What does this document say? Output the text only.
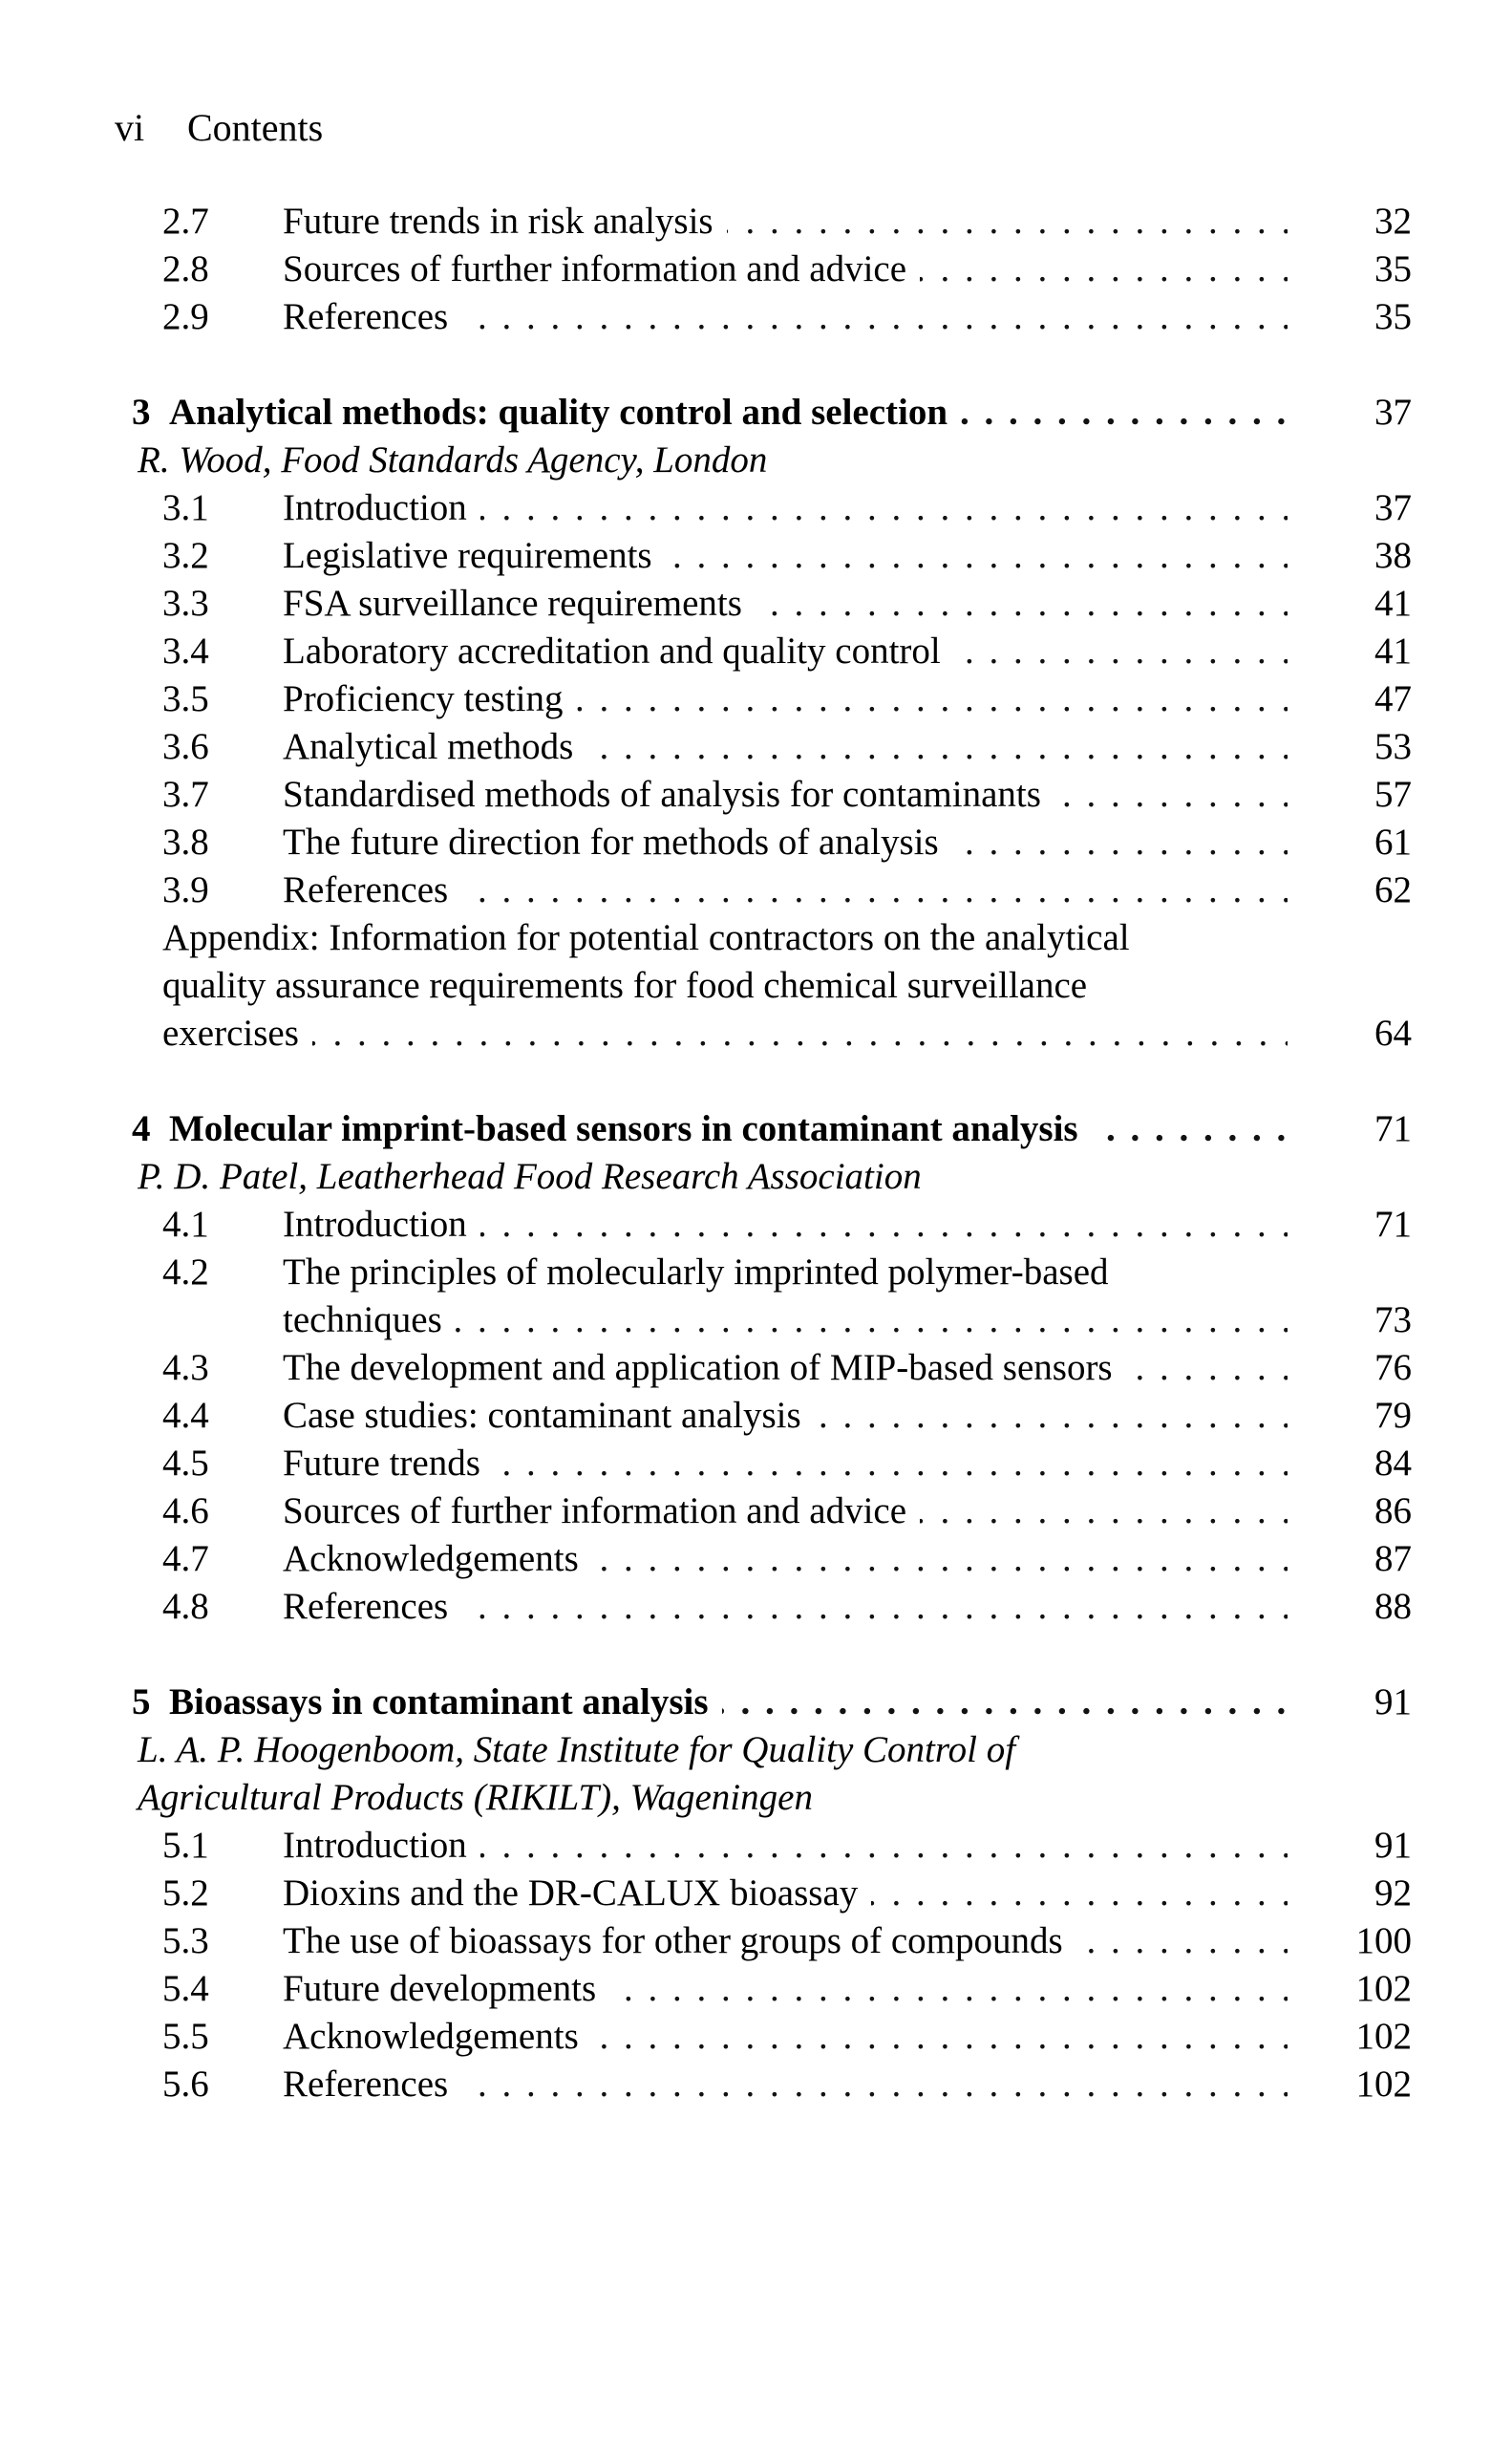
vi Contents
2.7 Future trends in risk analysis . . .	32
2.8 Sources of further information and advice . . .	35
2.9 References . . .	35
3 Analytical methods: quality control and selection . . .	37
R. Wood, Food Standards Agency, London
3.1 Introduction . . .	37
3.2 Legislative requirements . . .	38
3.3 FSA surveillance requirements . . .	41
3.4 Laboratory accreditation and quality control . . .	41
3.5 Proficiency testing . . .	47
3.6 Analytical methods . . .	53
3.7 Standardised methods of analysis for contaminants . . .	57
3.8 The future direction for methods of analysis . . .	61
3.9 References . . .	62
Appendix: Information for potential contractors on the analytical
quality assurance requirements for food chemical surveillance
exercises . . .	64
4 Molecular imprint-based sensors in contaminant analysis . . .	71
P. D. Patel, Leatherhead Food Research Association
4.1 Introduction . . .	71
4.2 The principles of molecularly imprinted polymer-based
techniques . . .	73
4.3 The development and application of MIP-based sensors . . .	76
4.4 Case studies: contaminant analysis . . .	79
4.5 Future trends . . .	84
4.6 Sources of further information and advice . . .	86
4.7 Acknowledgements . . .	87
4.8 References . . .	88
5 Bioassays in contaminant analysis . . .	91
L. A. P. Hoogenboom, State Institute for Quality Control of
Agricultural Products (RIKILT), Wageningen
5.1 Introduction . . .	91
5.2 Dioxins and the DR-CALUX bioassay . . .	92
5.3 The use of bioassays for other groups of compounds . . .	100
5.4 Future developments . . .	102
5.5 Acknowledgements . . .	102
5.6 References . . .	102
